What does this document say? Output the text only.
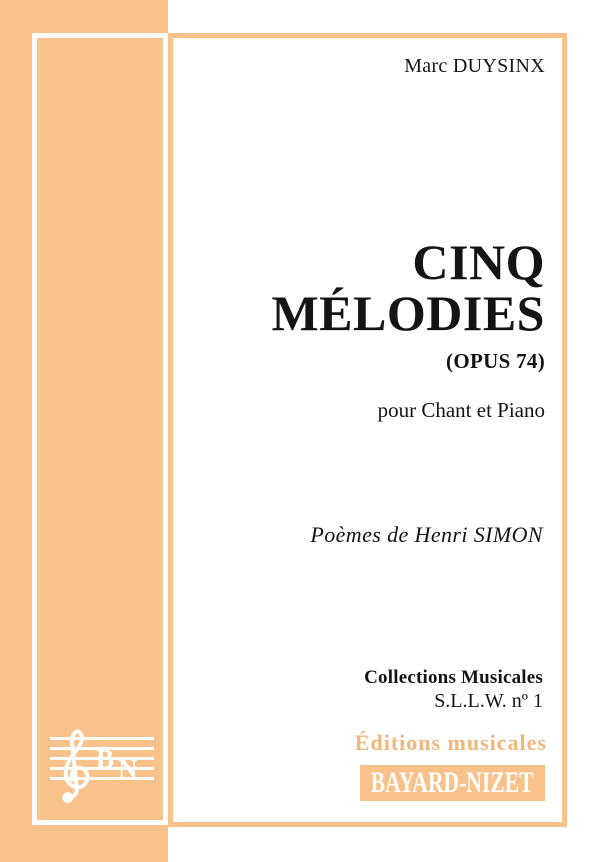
Marc DUYSINX
CINQ
MÉLODIES
(OPUS 74)
pour Chant et Piano
Poèmes de Henri SIMON
Collections Musicales
S.L.L.W. nº 1
Éditions musicales
BAYARD-NIZET
B N
